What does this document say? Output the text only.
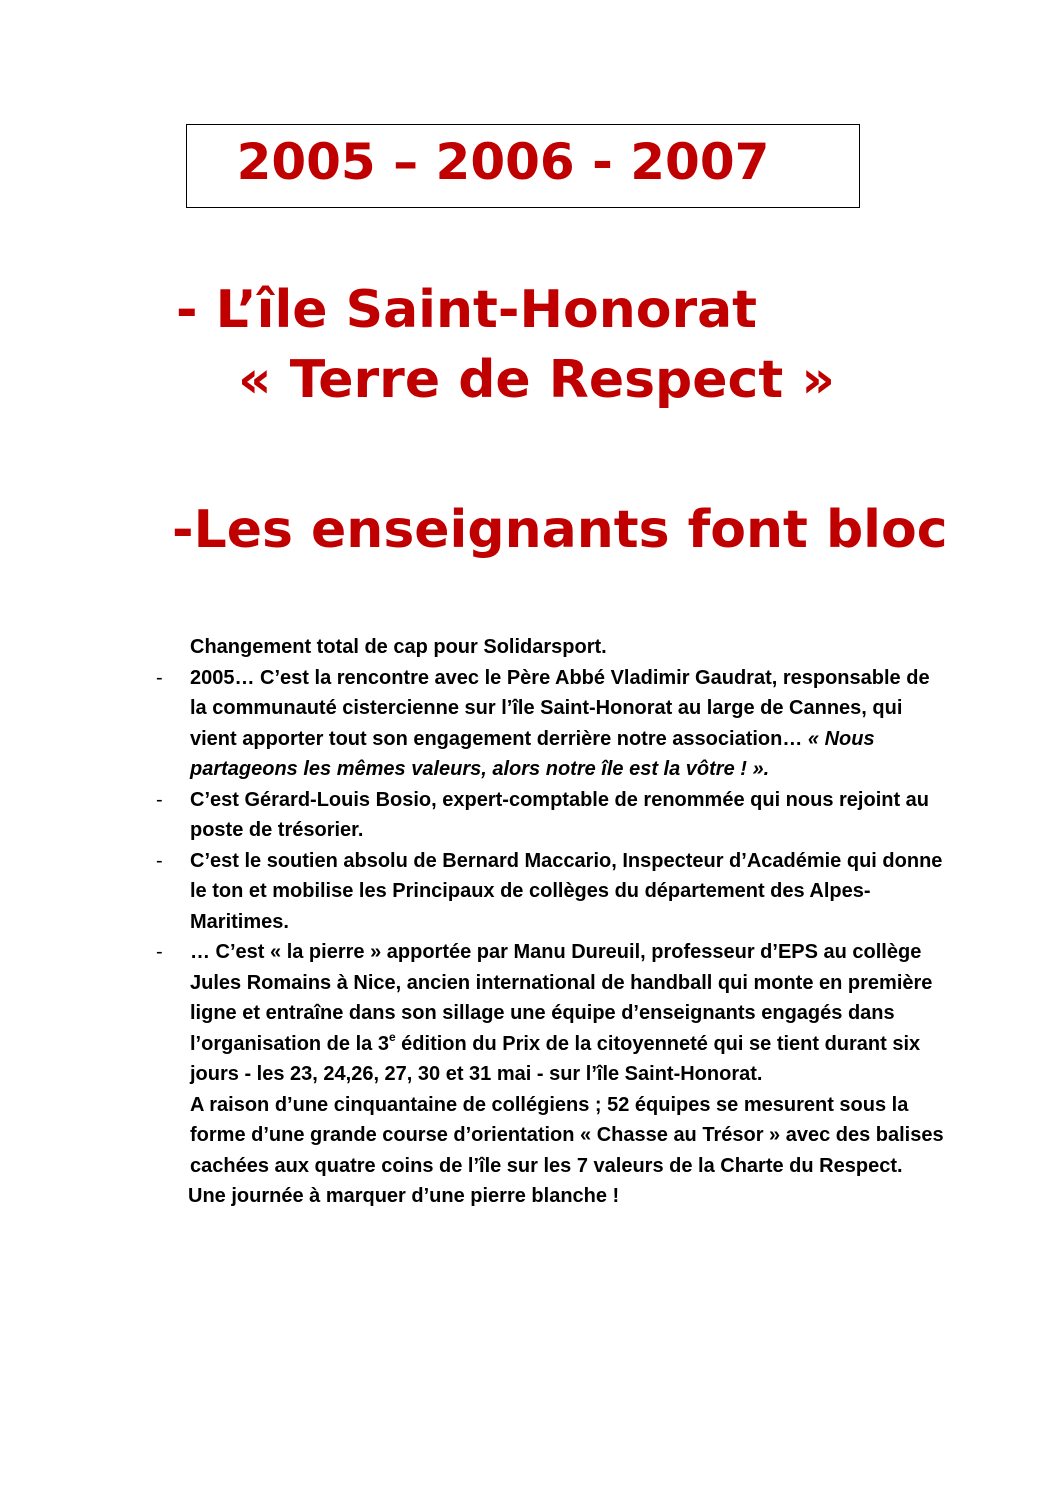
2005 – 2006 - 2007
- L’île Saint-Honorat
« Terre de Respect »
-Les enseignants font bloc

Changement total de cap pour Solidarsport.

- 2005… C’est la rencontre avec le Père Abbé Vladimir Gaudrat, responsable de la communauté cistercienne sur l’île Saint-Honorat au large de Cannes, qui vient apporter tout son engagement derrière notre association… « Nous partageons les mêmes valeurs, alors notre île est la vôtre ! ».

- C’est Gérard-Louis Bosio, expert-comptable de renommée qui nous rejoint au poste de trésorier.

- C’est le soutien absolu de Bernard Maccario, Inspecteur d’Académie qui donne le ton et mobilise les Principaux de collèges du département des Alpes-Maritimes.

- … C’est « la pierre » apportée par Manu Dureuil, professeur d’EPS au collège Jules Romains à Nice, ancien international de handball qui monte en première ligne et entraîne dans son sillage une équipe d’enseignants engagés dans l’organisation de la 3e édition du Prix de la citoyenneté qui se tient durant six jours - les 23, 24,26, 27, 30 et 31 mai - sur l’île Saint-Honorat.

A raison d’une cinquantaine de collégiens ; 52 équipes se mesurent sous la forme d’une grande course d’orientation « Chasse au Trésor » avec des balises cachées aux quatre coins de l’île sur les 7 valeurs de la Charte du Respect.

Une journée à marquer d’une pierre blanche !
